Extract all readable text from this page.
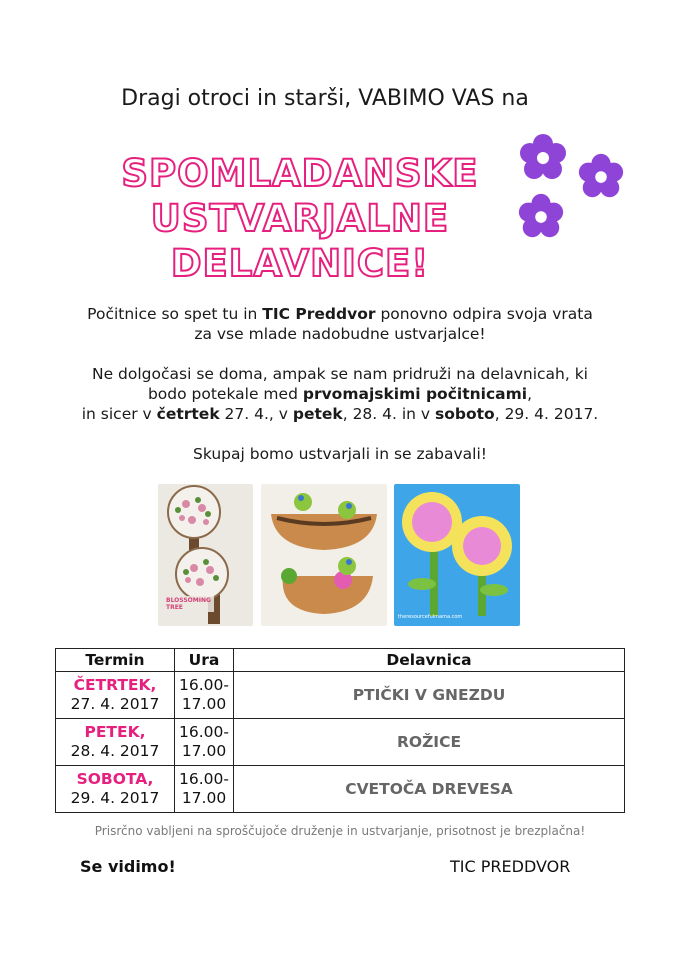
Dragi otroci in starši, VABIMO VAS na
SPOMLADANSKE
USTVARJALNE
DELAVNICE!
Počitnice so spet tu in TIC Preddvor ponovno odpira svoja vrata
za vse mlade nadobudne ustvarjalce!
Ne dolgočasi se doma, ampak se nam pridruži na delavnicah, ki
bodo potekale med prvomajskimi počitnicami,
in sicer v četrtek 27. 4., v petek, 28. 4. in v soboto, 29. 4. 2017.
Skupaj bomo ustvarjali in se zabavali!
BLOSSOMING TREE
theresourcefulmama.com
Termin	Ura	Delavnica
ČETRTEK,
27. 4. 2017	16.00-
17.00	PTIČKI V GNEZDU
PETEK,
28. 4. 2017	16.00-
17.00	ROŽICE
SOBOTA,
29. 4. 2017	16.00-
17.00	CVETOČA DREVESA
Prisrčno vabljeni na sproščujoče druženje in ustvarjanje, prisotnost je brezplačna!
Se vidimo!	TIC PREDDVOR
